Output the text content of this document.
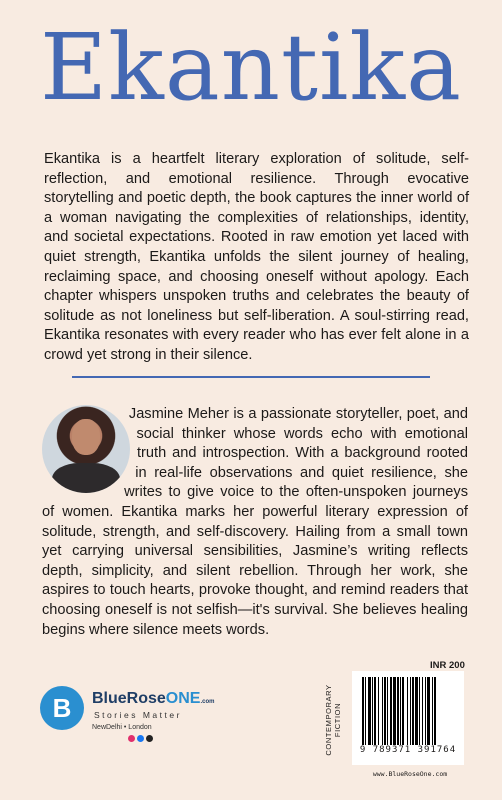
Ekantika

Ekantika is a heartfelt literary exploration of solitude, self-reflection, and emotional resilience. Through evocative storytelling and poetic depth, the book captures the inner world of a woman navigating the complexities of relationships, identity, and societal expectations. Rooted in raw emotion yet laced with quiet strength, Ekantika unfolds the silent journey of healing, reclaiming space, and choosing oneself without apology. Each chapter whispers unspoken truths and celebrates the beauty of solitude as not loneliness but self-liberation. A soul-stirring read, Ekantika resonates with every reader who has ever felt alone in a crowd yet strong in their silence.

Jasmine Meher is a passionate storyteller, poet, and social thinker whose words echo with emotional truth and introspection. With a background rooted in real-life observations and quiet resilience, she writes to give voice to the often-unspoken journeys of women. Ekantika marks her powerful literary expression of solitude, strength, and self-discovery. Hailing from a small town yet carrying universal sensibilities, Jasmine’s writing reflects depth, simplicity, and silent rebellion. Through her work, she aspires to touch hearts, provoke thought, and remind readers that choosing oneself is not selfish—it's survival. She believes healing begins where silence meets words.

B	BlueRoseONE.com
Stories Matter
NewDelhi • London	CONTEMPORARY
FICTION
INR 200
9 789371 391764
www.BlueRoseOne.com
